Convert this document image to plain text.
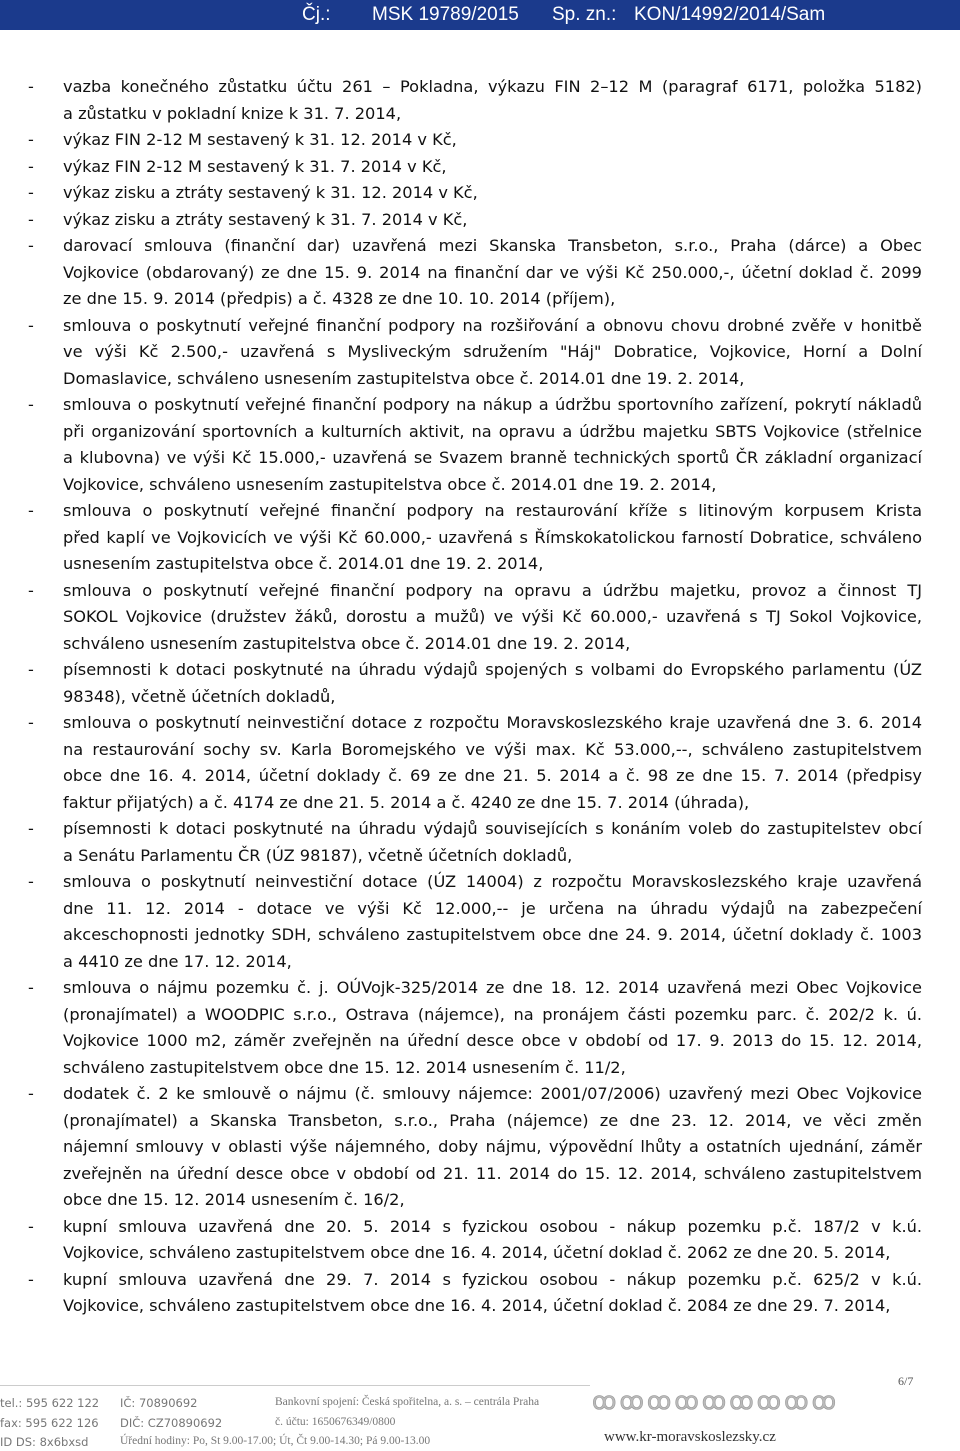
Čj.: MSK 19789/2015 Sp. zn.: KON/14992/2014/Sam
- vazba konečného zůstatku účtu 261 – Pokladna, výkazu FIN 2–12 M (paragraf 6171, položka 5182)
a zůstatku v pokladní knize k 31. 7. 2014,
- výkaz FIN 2-12 M sestavený k 31. 12. 2014 v Kč,
- výkaz FIN 2-12 M sestavený k 31. 7. 2014 v Kč,
- výkaz zisku a ztráty sestavený k 31. 12. 2014 v Kč,
- výkaz zisku a ztráty sestavený k 31. 7. 2014 v Kč,
- darovací smlouva (finanční dar) uzavřená mezi Skanska Transbeton, s.r.o., Praha (dárce) a Obec
Vojkovice (obdarovaný) ze dne 15. 9. 2014 na finanční dar ve výši Kč 250.000,-, účetní doklad č. 2099
ze dne 15. 9. 2014 (předpis) a č. 4328 ze dne 10. 10. 2014 (příjem),
- smlouva o poskytnutí veřejné finanční podpory na rozšiřování a obnovu chovu drobné zvěře v honitbě
ve výši Kč 2.500,- uzavřená s Mysliveckým sdružením "Háj" Dobratice, Vojkovice, Horní a Dolní
Domaslavice, schváleno usnesením zastupitelstva obce č. 2014.01 dne 19. 2. 2014,
- smlouva o poskytnutí veřejné finanční podpory na nákup a údržbu sportovního zařízení, pokrytí nákladů
při organizování sportovních a kulturních aktivit, na opravu a údržbu majetku SBTS Vojkovice (střelnice
a klubovna) ve výši Kč 15.000,- uzavřená se Svazem branně technických sportů ČR základní organizací
Vojkovice, schváleno usnesením zastupitelstva obce č. 2014.01 dne 19. 2. 2014,
- smlouva o poskytnutí veřejné finanční podpory na restaurování kříže s litinovým korpusem Krista
před kaplí ve Vojkovicích ve výši Kč 60.000,- uzavřená s Římskokatolickou farností Dobratice, schváleno
usnesením zastupitelstva obce č. 2014.01 dne 19. 2. 2014,
- smlouva o poskytnutí veřejné finanční podpory na opravu a údržbu majetku, provoz a činnost TJ
SOKOL Vojkovice (družstev žáků, dorostu a mužů) ve výši Kč 60.000,- uzavřená s TJ Sokol Vojkovice,
schváleno usnesením zastupitelstva obce č. 2014.01 dne 19. 2. 2014,
- písemnosti k dotaci poskytnuté na úhradu výdajů spojených s volbami do Evropského parlamentu (ÚZ
98348), včetně účetních dokladů,
- smlouva o poskytnutí neinvestiční dotace z rozpočtu Moravskoslezského kraje uzavřená dne 3. 6. 2014
na restaurování sochy sv. Karla Boromejského ve výši max. Kč 53.000,--, schváleno zastupitelstvem
obce dne 16. 4. 2014, účetní doklady č. 69 ze dne 21. 5. 2014 a č. 98 ze dne 15. 7. 2014 (předpisy
faktur přijatých) a č. 4174 ze dne 21. 5. 2014 a č. 4240 ze dne 15. 7. 2014 (úhrada),
- písemnosti k dotaci poskytnuté na úhradu výdajů souvisejících s konáním voleb do zastupitelstev obcí
a Senátu Parlamentu ČR (ÚZ 98187), včetně účetních dokladů,
- smlouva o poskytnutí neinvestiční dotace (ÚZ 14004) z rozpočtu Moravskoslezského kraje uzavřená
dne 11. 12. 2014 - dotace ve výši Kč 12.000,-- je určena na úhradu výdajů na zabezpečení
akceschopnosti jednotky SDH, schváleno zastupitelstvem obce dne 24. 9. 2014, účetní doklady č. 1003
a 4410 ze dne 17. 12. 2014,
- smlouva o nájmu pozemku č. j. OÚVojk-325/2014 ze dne 18. 12. 2014 uzavřená mezi Obec Vojkovice
(pronajímatel) a WOODPIC s.r.o., Ostrava (nájemce), na pronájem části pozemku parc. č. 202/2 k. ú.
Vojkovice 1000 m2, záměr zveřejněn na úřední desce obce v období od 17. 9. 2013 do 15. 12. 2014,
schváleno zastupitelstvem obce dne 15. 12. 2014 usnesením č. 11/2,
- dodatek č. 2 ke smlouvě o nájmu (č. smlouvy nájemce: 2001/07/2006) uzavřený mezi Obec Vojkovice
(pronajímatel) a Skanska Transbeton, s.r.o., Praha (nájemce) ze dne 23. 12. 2014, ve věci změn
nájemní smlouvy v oblasti výše nájemného, doby nájmu, výpovědní lhůty a ostatních ujednání, záměr
zveřejněn na úřední desce obce v období od 21. 11. 2014 do 15. 12. 2014, schváleno zastupitelstvem
obce dne 15. 12. 2014 usnesením č. 16/2,
- kupní smlouva uzavřená dne 20. 5. 2014 s fyzickou osobou - nákup pozemku p.č. 187/2 v k.ú.
Vojkovice, schváleno zastupitelstvem obce dne 16. 4. 2014, účetní doklad č. 2062 ze dne 20. 5. 2014,
- kupní smlouva uzavřená dne 29. 7. 2014 s fyzickou osobou - nákup pozemku p.č. 625/2 v k.ú.
Vojkovice, schváleno zastupitelstvem obce dne 16. 4. 2014, účetní doklad č. 2084 ze dne 29. 7. 2014,
tel.: 595 622 122 IČ: 70890692	Bankovní spojení: Česká spořitelna, a. s. – centrála Praha
fax: 595 622 126 DIČ: CZ70890692	č. účtu: 1650676349/0800
ID DS: 8x6bxsd	Úřední hodiny: Po, St 9.00-17.00; Út, Čt 9.00-14.30; Pá 9.00-13.00
ꝏꝏꝏꝏꝏꝏꝏꝏꝏ
6/7
www.kr-moravskoslezsky.cz
